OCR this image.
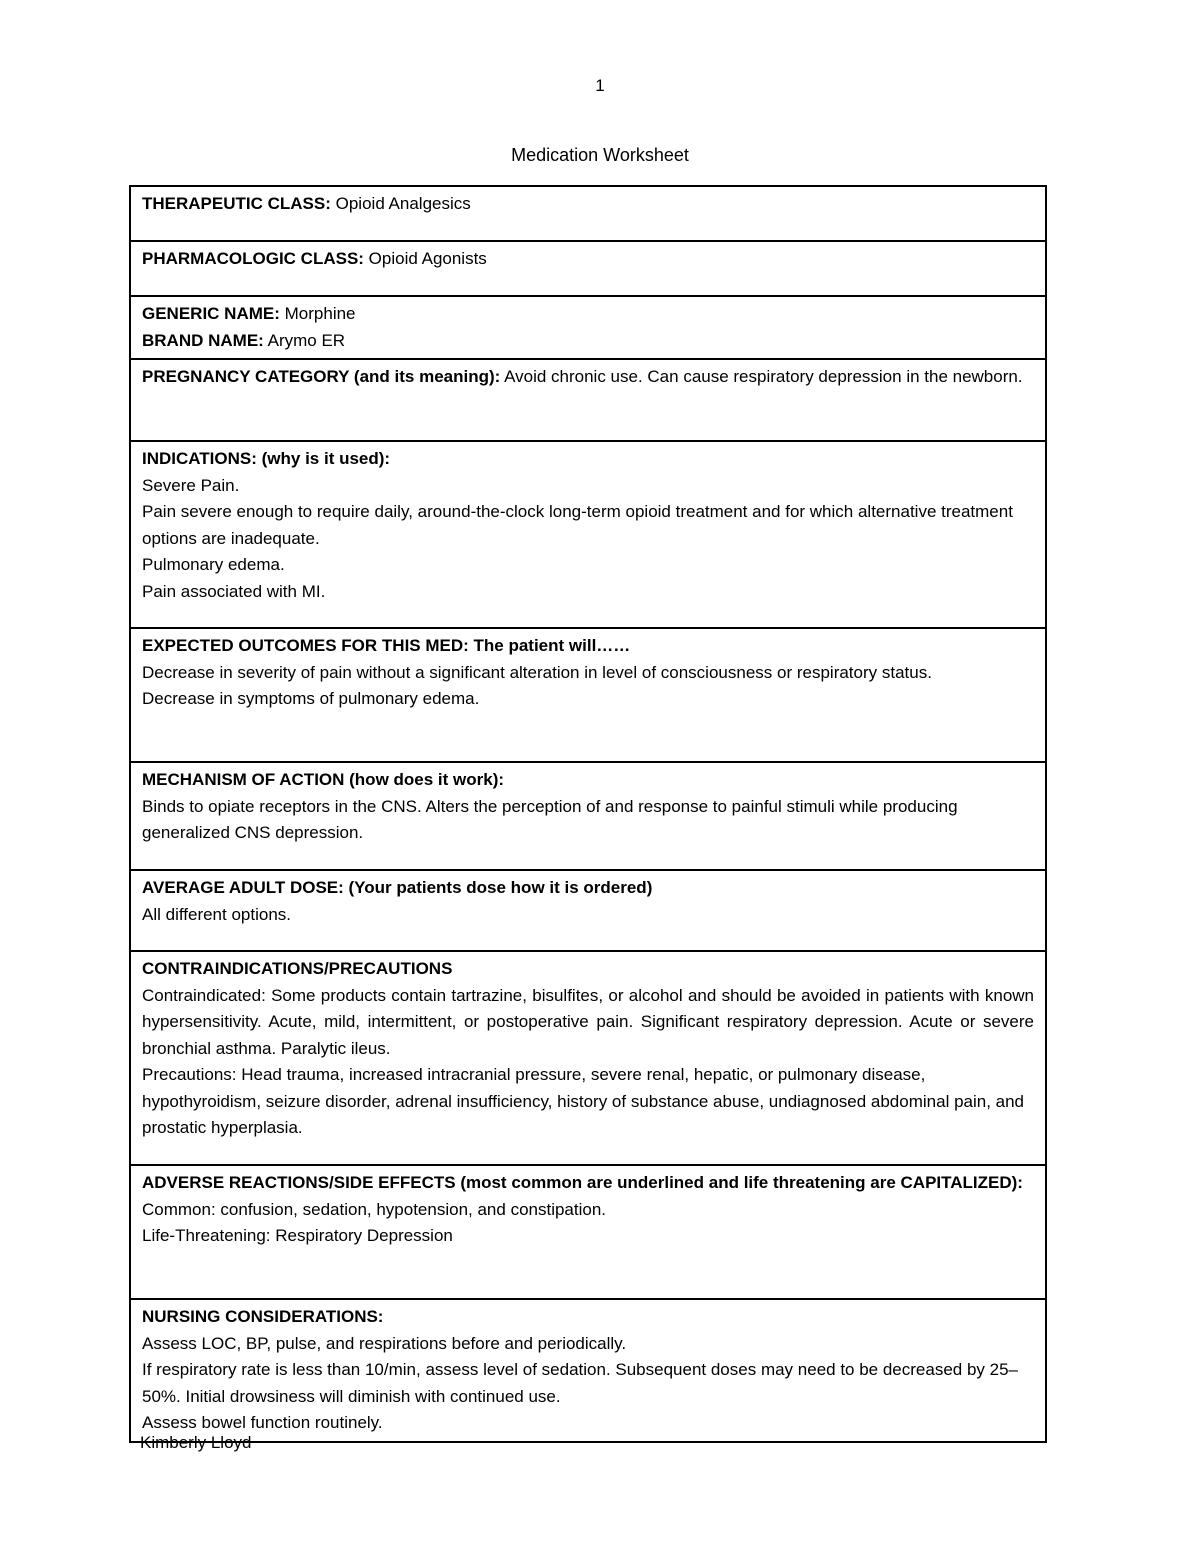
1
Medication Worksheet
THERAPEUTIC CLASS: Opioid Analgesics
PHARMACOLOGIC CLASS: Opioid Agonists

GENERIC NAME: Morphine
BRAND NAME: Arymo ER

PREGNANCY CATEGORY (and its meaning): Avoid chronic use. Can cause respiratory depression in the newborn.

INDICATIONS: (why is it used):
Severe Pain.
Pain severe enough to require daily, around-the-clock long-term opioid treatment and for which alternative treatment options are inadequate.
Pulmonary edema.
Pain associated with MI.

EXPECTED OUTCOMES FOR THIS MED: The patient will……
Decrease in severity of pain without a significant alteration in level of consciousness or respiratory status.
Decrease in symptoms of pulmonary edema.

MECHANISM OF ACTION (how does it work):
Binds to opiate receptors in the CNS. Alters the perception of and response to painful stimuli while producing generalized CNS depression.

AVERAGE ADULT DOSE: (Your patients dose how it is ordered)
All different options.

CONTRAINDICATIONS/PRECAUTIONS
Contraindicated: Some products contain tartrazine, bisulfites, or alcohol and should be avoided in patients with known hypersensitivity. Acute, mild, intermittent, or postoperative pain. Significant respiratory depression. Acute or severe bronchial asthma. Paralytic ileus.
Precautions: Head trauma, increased intracranial pressure, severe renal, hepatic, or pulmonary disease, hypothyroidism, seizure disorder, adrenal insufficiency, history of substance abuse, undiagnosed abdominal pain, and prostatic hyperplasia.

ADVERSE REACTIONS/SIDE EFFECTS (most common are underlined and life threatening are CAPITALIZED):
Common: confusion, sedation, hypotension, and constipation.
Life-Threatening: Respiratory Depression

NURSING CONSIDERATIONS:
Assess LOC, BP, pulse, and respirations before and periodically.
If respiratory rate is less than 10/min, assess level of sedation. Subsequent doses may need to be decreased by 25–50%. Initial drowsiness will diminish with continued use.
Assess bowel function routinely.
Kimberly Lloyd
